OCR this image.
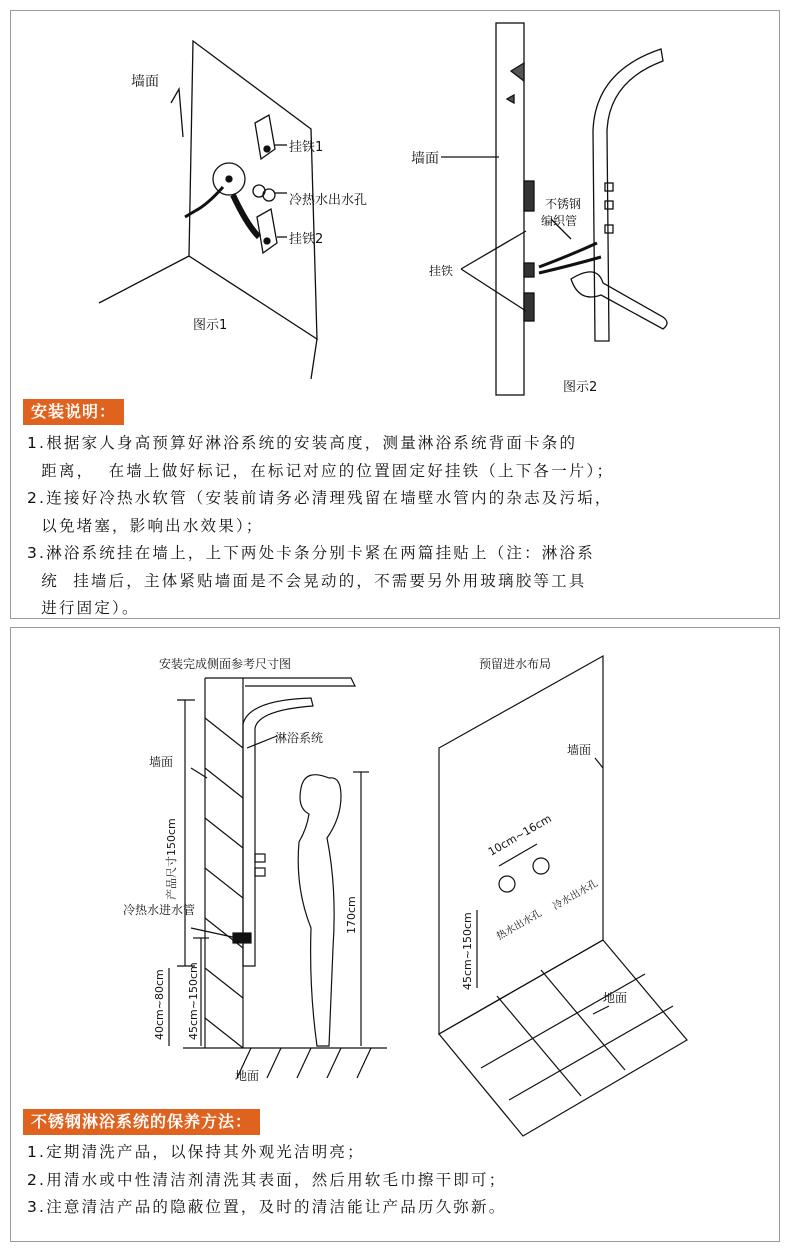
墙面
挂铁1
冷热水出水孔
挂铁2
图示1
墙面
不锈钢
编织管
挂铁
图示2
安装说明：
1.根据家人身高预算好淋浴系统的安装高度，测量淋浴系统背面卡条的
距离，  在墙上做好标记，在标记对应的位置固定好挂铁（上下各一片）；
2.连接好冷热水软管（安装前请务必清理残留在墙壁水管内的杂志及污垢，
以免堵塞，影响出水效果）；
3.淋浴系统挂在墙上，上下两处卡条分别卡紧在两篇挂贴上（注：淋浴系
统  挂墙后，主体紧贴墙面是不会晃动的，不需要另外用玻璃胶等工具
进行固定）。
安装完成侧面参考尺寸图
墙面
淋浴系统
产品尺寸150cm
冷热水进水管	170cm
40cm~80cm 45cm~150cm
地面
预留进水布局
墙面
10cm~16cm
热水出水孔
冷水出水孔
45cm~150cm
地面
不锈钢淋浴系统的保养方法：
1.定期清洗产品，以保持其外观光洁明亮；
2.用清水或中性清洁剂清洗其表面，然后用软毛巾擦干即可；
3.注意清洁产品的隐蔽位置，及时的清洁能让产品历久弥新。
